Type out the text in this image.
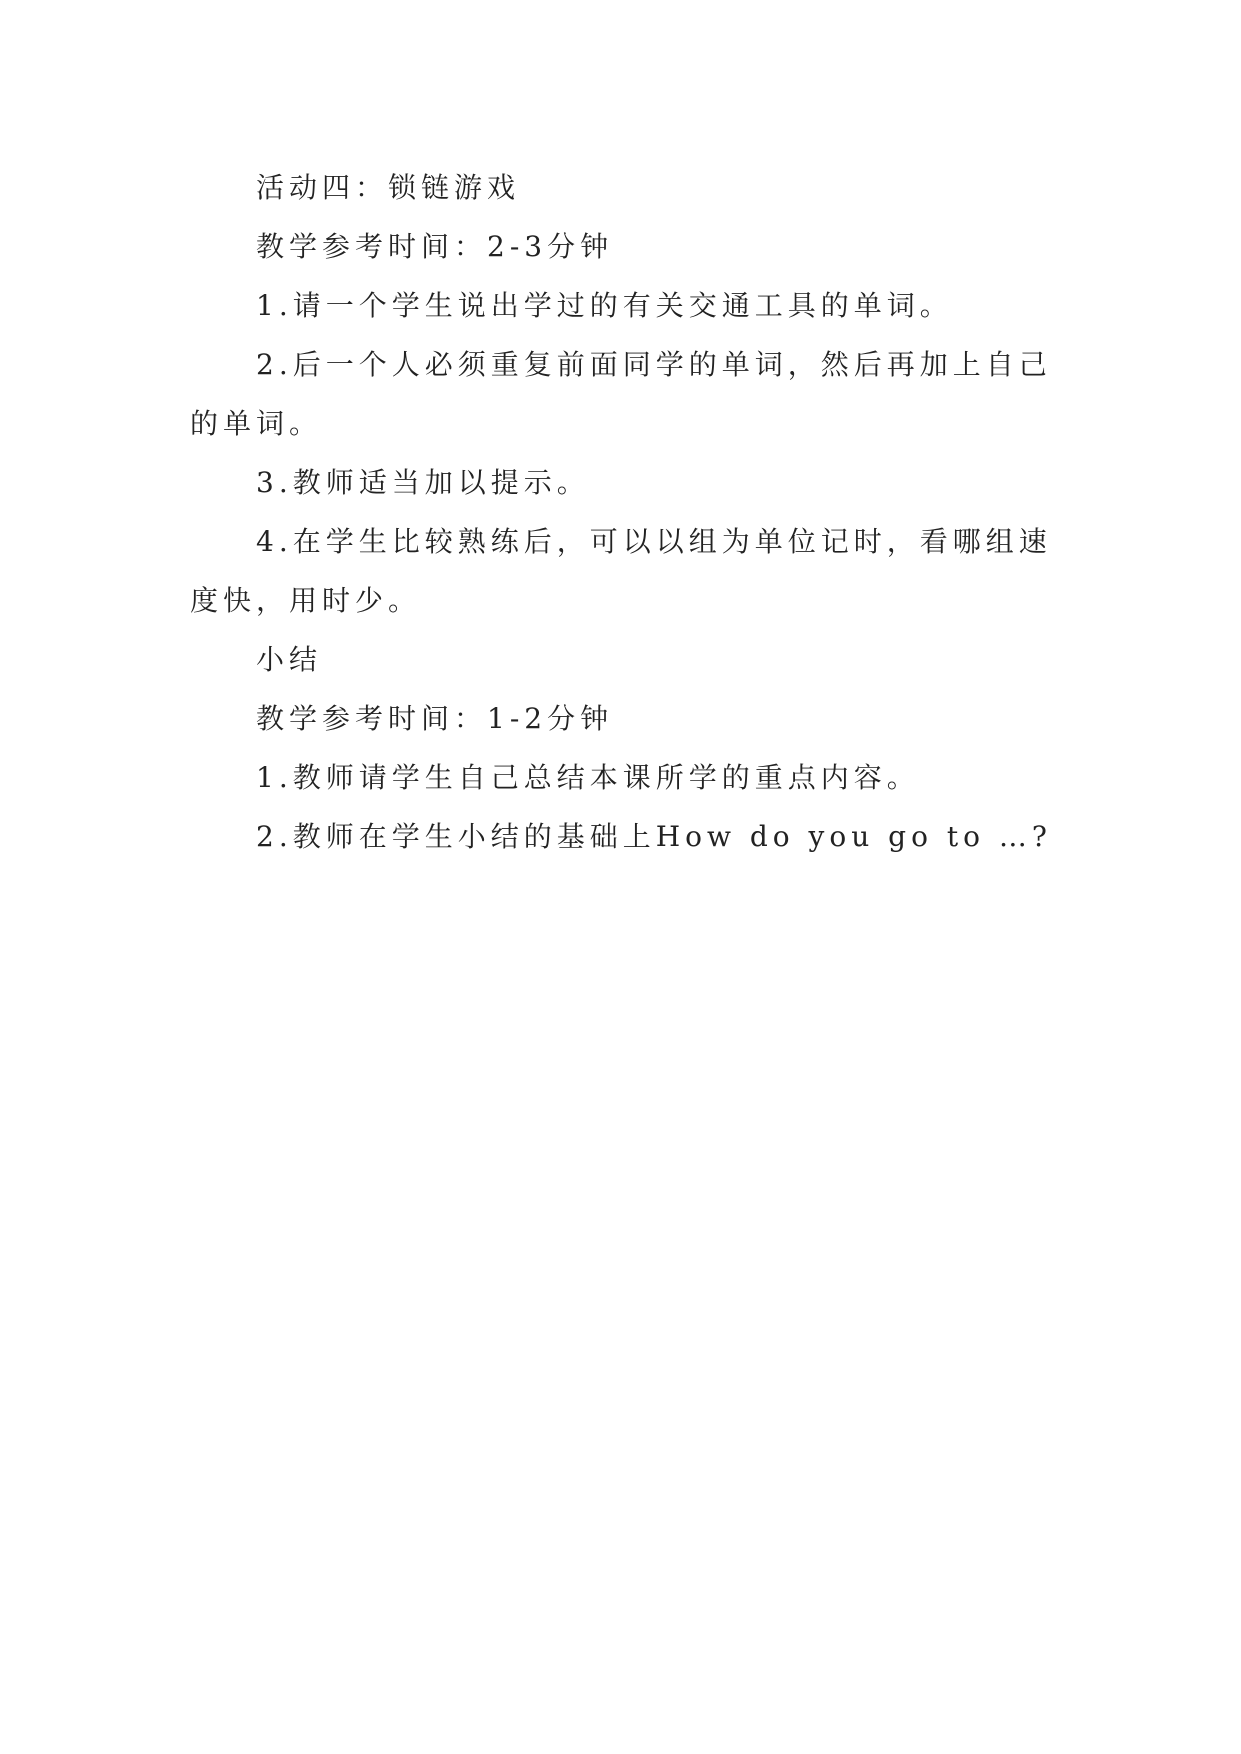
活动四：锁链游戏

教学参考时间：2-3分钟

1.请一个学生说出学过的有关交通工具的单词。

2.后一个人必须重复前面同学的单词，然后再加上自己的单词。

3.教师适当加以提示。

4.在学生比较熟练后，可以以组为单位记时，看哪组速度快，用时少。

小结

教学参考时间：1-2分钟

1.教师请学生自己总结本课所学的重点内容。

2.教师在学生小结的基础上How do you go to …?
